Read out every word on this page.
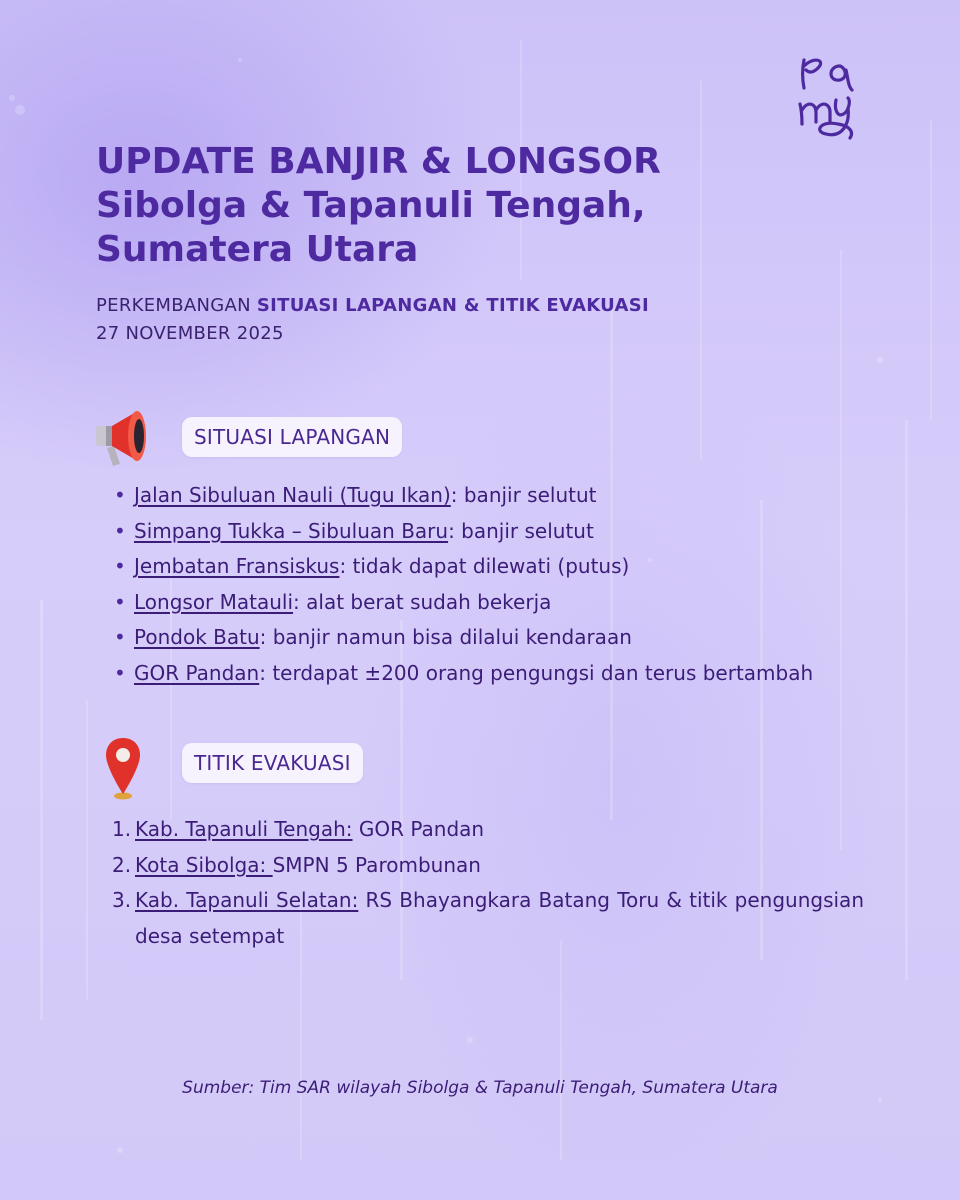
UPDATE BANJIR & LONGSOR
Sibolga & Tapanuli Tengah,
Sumatera Utara
PERKEMBANGAN SITUASI LAPANGAN & TITIK EVAKUASI
27 NOVEMBER 2025
SITUASI LAPANGAN
• Jalan Sibuluan Nauli (Tugu Ikan): banjir selutut
• Simpang Tukka – Sibuluan Baru: banjir selutut
• Jembatan Fransiskus: tidak dapat dilewati (putus)
• Longsor Matauli: alat berat sudah bekerja
• Pondok Batu: banjir namun bisa dilalui kendaraan
• GOR Pandan: terdapat ±200 orang pengungsi dan terus bertambah
TITIK EVAKUASI
1. Kab. Tapanuli Tengah: GOR Pandan
2. Kota Sibolga: SMPN 5 Parombunan
3. Kab. Tapanuli Selatan: RS Bhayangkara Batang Toru & titik pengungsian desa setempat
Sumber: Tim SAR wilayah Sibolga & Tapanuli Tengah, Sumatera Utara
